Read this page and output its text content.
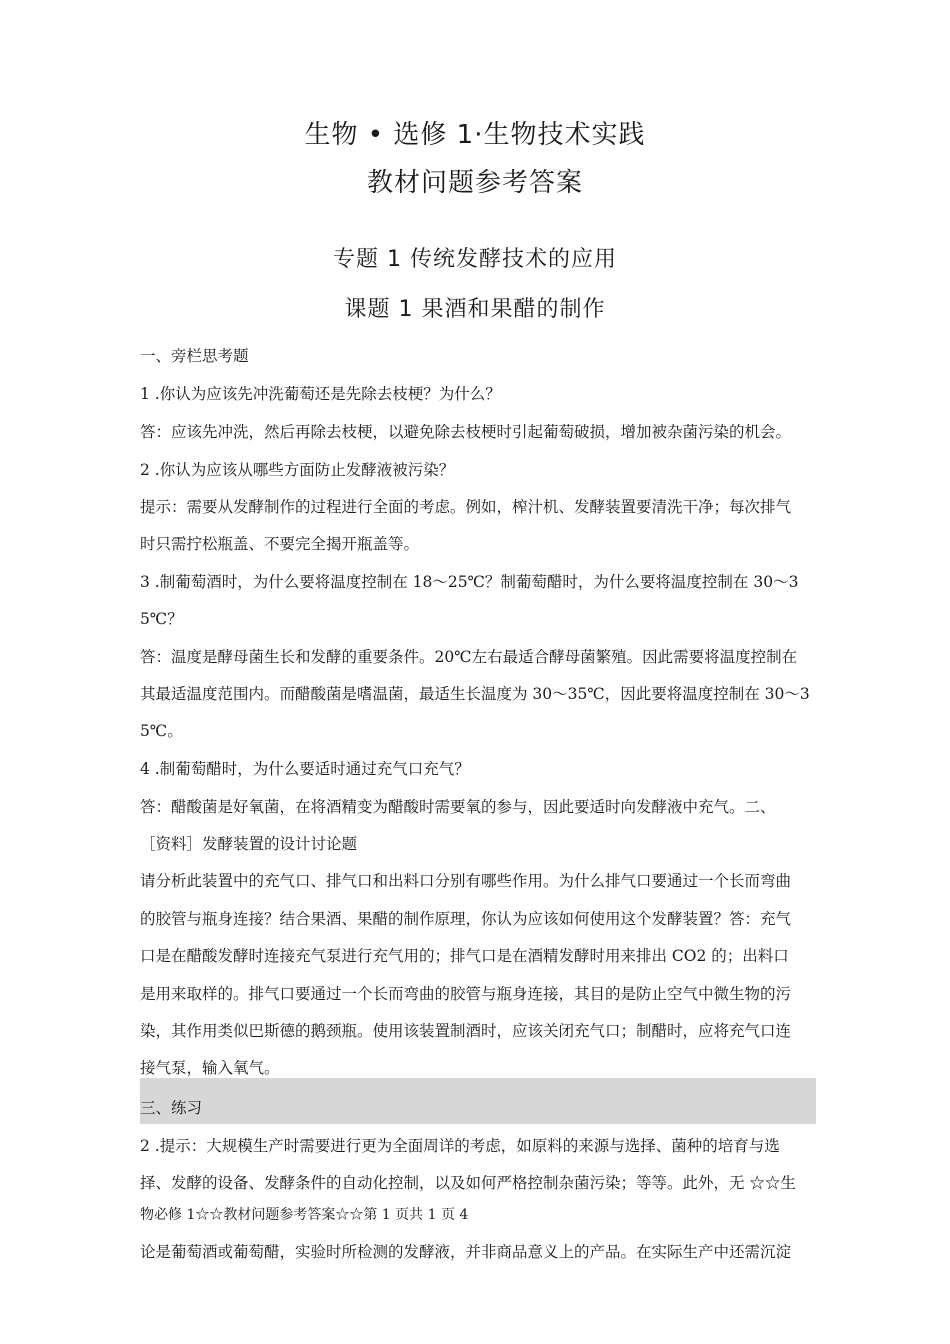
生物 • 选修 1·生物技术实践
教材问题参考答案
专题 1 传统发酵技术的应用
课题 1 果酒和果醋的制作
一、旁栏思考题
1 .你认为应该先冲洗葡萄还是先除去枝梗？为什么？
答：应该先冲洗，然后再除去枝梗，以避免除去枝梗时引起葡萄破损，增加被杂菌污染的机会。
2 .你认为应该从哪些方面防止发酵液被污染？
提示：需要从发酵制作的过程进行全面的考虑。例如，榨汁机、发酵装置要清洗干净；每次排气
时只需拧松瓶盖、不要完全揭开瓶盖等。
3 .制葡萄酒时，为什么要将温度控制在 18～25℃？制葡萄醋时，为什么要将温度控制在 30～3
5℃？
答：温度是酵母菌生长和发酵的重要条件。20℃左右最适合酵母菌繁殖。因此需要将温度控制在
其最适温度范围内。而醋酸菌是嗜温菌，最适生长温度为 30～35℃，因此要将温度控制在 30～3
5℃。
4 .制葡萄醋时，为什么要适时通过充气口充气？
答：醋酸菌是好氧菌，在将酒精变为醋酸时需要氧的参与，因此要适时向发酵液中充气。二、
［资料］发酵装置的设计讨论题
请分析此装置中的充气口、排气口和出料口分别有哪些作用。为什么排气口要通过一个长而弯曲
的胶管与瓶身连接？结合果酒、果醋的制作原理，你认为应该如何使用这个发酵装置？答：充气
口是在醋酸发酵时连接充气泵进行充气用的；排气口是在酒精发酵时用来排出 CO2 的；出料口
是用来取样的。排气口要通过一个长而弯曲的胶管与瓶身连接，其目的是防止空气中微生物的污
染，其作用类似巴斯德的鹅颈瓶。使用该装置制酒时，应该关闭充气口；制醋时，应将充气口连
接气泵，输入氧气。
三、练习
2 .提示：大规模生产时需要进行更为全面周详的考虑，如原料的来源与选择、菌种的培育与选
择、发酵的设备、发酵条件的自动化控制，以及如何严格控制杂菌污染；等等。此外，无 ☆☆生
物必修 1☆☆教材问题参考答案☆☆第 1 页共 1 页 4
论是葡萄酒或葡萄醋，实验时所检测的发酵液，并非商品意义上的产品。在实际生产中还需沉淀
